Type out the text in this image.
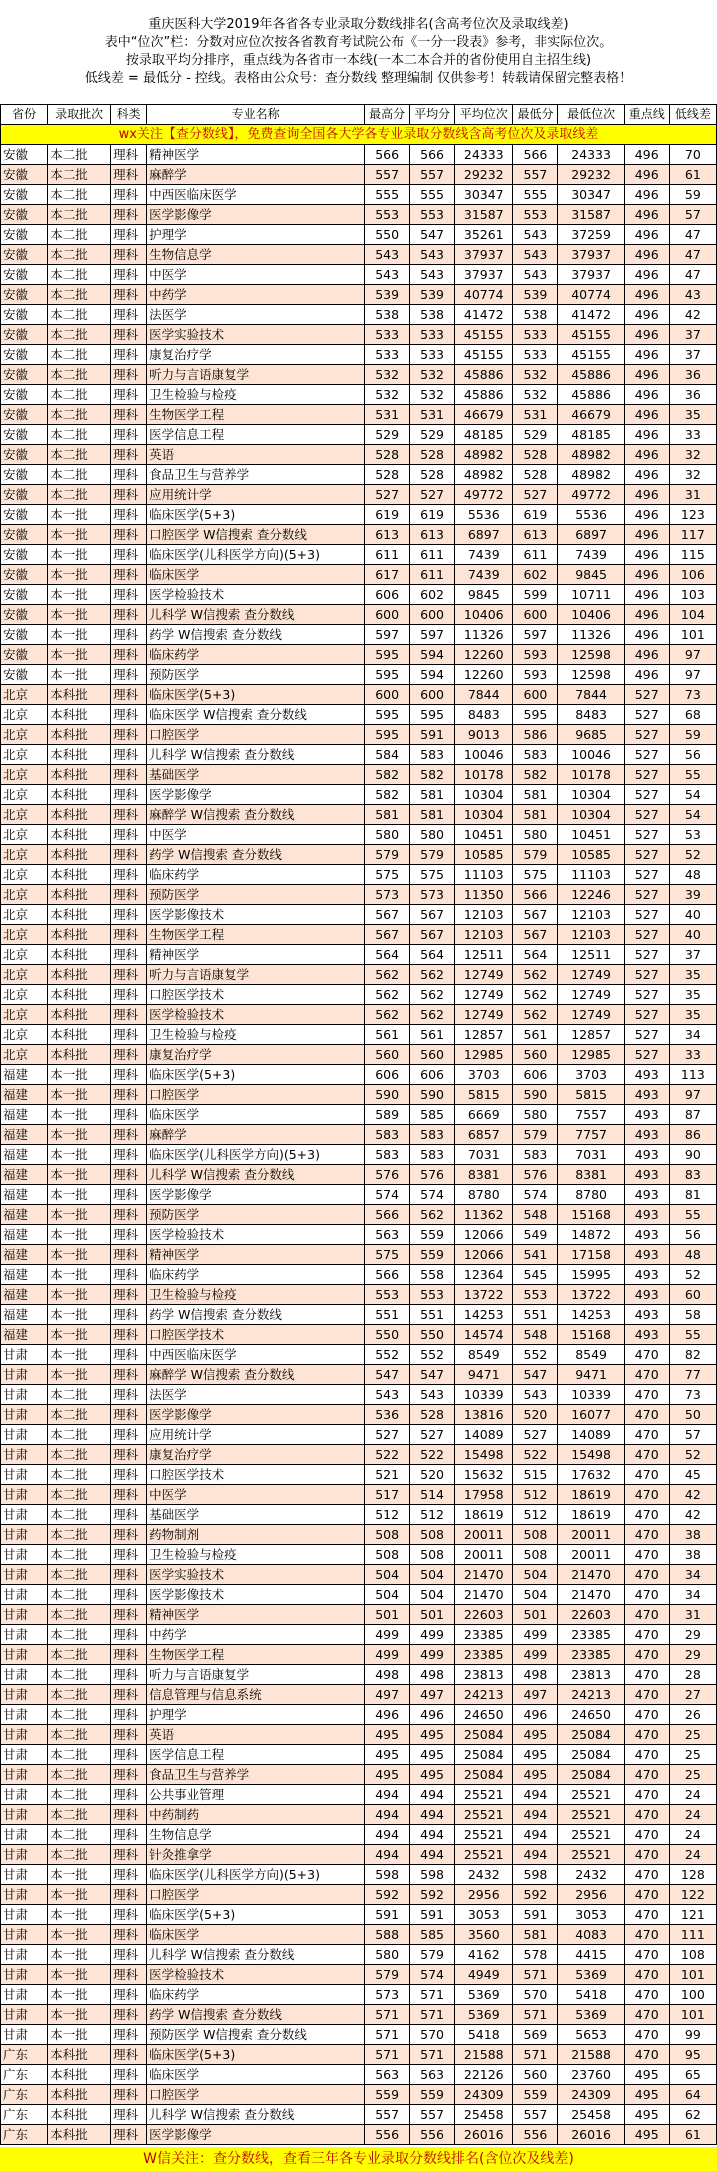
重庆医科大学2019年各省各专业录取分数线排名(含高考位次及录取线差)
表中“位次”栏：分数对应位次按各省教育考试院公布《一分一段表》参考，非实际位次。
按录取平均分排序，重点线为各省市一本线(一本二本合并的省份使用自主招生线)
低线差 = 最低分 - 控线。表格由公众号：查分数线 整理编制 仅供参考！转载请保留完整表格！
省份	录取批次	科类	专业名称	最高分	平均分	平均位次	最低分	最低位次	重点线	低线差
wx关注【查分数线】，免费查询全国各大学各专业录取分数线含高考位次及录取线差										
安徽	本二批	理科	精神医学	566	566	24333	566	24333	496	70
安徽	本二批	理科	麻醉学	557	557	29232	557	29232	496	61
安徽	本二批	理科	中西医临床医学	555	555	30347	555	30347	496	59
安徽	本二批	理科	医学影像学	553	553	31587	553	31587	496	57
安徽	本二批	理科	护理学	550	547	35261	543	37259	496	47
安徽	本二批	理科	生物信息学	543	543	37937	543	37937	496	47
安徽	本二批	理科	中医学	543	543	37937	543	37937	496	47
安徽	本二批	理科	中药学	539	539	40774	539	40774	496	43
安徽	本二批	理科	法医学	538	538	41472	538	41472	496	42
安徽	本二批	理科	医学实验技术	533	533	45155	533	45155	496	37
安徽	本二批	理科	康复治疗学	533	533	45155	533	45155	496	37
安徽	本二批	理科	听力与言语康复学	532	532	45886	532	45886	496	36
安徽	本二批	理科	卫生检验与检疫	532	532	45886	532	45886	496	36
安徽	本二批	理科	生物医学工程	531	531	46679	531	46679	496	35
安徽	本二批	理科	医学信息工程	529	529	48185	529	48185	496	33
安徽	本二批	理科	英语	528	528	48982	528	48982	496	32
安徽	本二批	理科	食品卫生与营养学	528	528	48982	528	48982	496	32
安徽	本二批	理科	应用统计学	527	527	49772	527	49772	496	31
安徽	本一批	理科	临床医学(5+3)	619	619	5536	619	5536	496	123
安徽	本一批	理科	口腔医学 W信搜索 查分数线	613	613	6897	613	6897	496	117
安徽	本一批	理科	临床医学(儿科医学方向)(5+3)	611	611	7439	611	7439	496	115
安徽	本一批	理科	临床医学	617	611	7439	602	9845	496	106
安徽	本一批	理科	医学检验技术	606	602	9845	599	10711	496	103
安徽	本一批	理科	儿科学 W信搜索 查分数线	600	600	10406	600	10406	496	104
安徽	本一批	理科	药学 W信搜索 查分数线	597	597	11326	597	11326	496	101
安徽	本一批	理科	临床药学	595	594	12260	593	12598	496	97
安徽	本一批	理科	预防医学	595	594	12260	593	12598	496	97
北京	本科批	理科	临床医学(5+3)	600	600	7844	600	7844	527	73
北京	本科批	理科	临床医学 W信搜索 查分数线	595	595	8483	595	8483	527	68
北京	本科批	理科	口腔医学	595	591	9013	586	9685	527	59
北京	本科批	理科	儿科学 W信搜索 查分数线	584	583	10046	583	10046	527	56
北京	本科批	理科	基础医学	582	582	10178	582	10178	527	55
北京	本科批	理科	医学影像学	582	581	10304	581	10304	527	54
北京	本科批	理科	麻醉学 W信搜索 查分数线	581	581	10304	581	10304	527	54
北京	本科批	理科	中医学	580	580	10451	580	10451	527	53
北京	本科批	理科	药学 W信搜索 查分数线	579	579	10585	579	10585	527	52
北京	本科批	理科	临床药学	575	575	11103	575	11103	527	48
北京	本科批	理科	预防医学	573	573	11350	566	12246	527	39
北京	本科批	理科	医学影像技术	567	567	12103	567	12103	527	40
北京	本科批	理科	生物医学工程	567	567	12103	567	12103	527	40
北京	本科批	理科	精神医学	564	564	12511	564	12511	527	37
北京	本科批	理科	听力与言语康复学	562	562	12749	562	12749	527	35
北京	本科批	理科	口腔医学技术	562	562	12749	562	12749	527	35
北京	本科批	理科	医学检验技术	562	562	12749	562	12749	527	35
北京	本科批	理科	卫生检验与检疫	561	561	12857	561	12857	527	34
北京	本科批	理科	康复治疗学	560	560	12985	560	12985	527	33
福建	本一批	理科	临床医学(5+3)	606	606	3703	606	3703	493	113
福建	本一批	理科	口腔医学	590	590	5815	590	5815	493	97
福建	本一批	理科	临床医学	589	585	6669	580	7557	493	87
福建	本一批	理科	麻醉学	583	583	6857	579	7757	493	86
福建	本一批	理科	临床医学(儿科医学方向)(5+3)	583	583	7031	583	7031	493	90
福建	本一批	理科	儿科学 W信搜索 查分数线	576	576	8381	576	8381	493	83
福建	本一批	理科	医学影像学	574	574	8780	574	8780	493	81
福建	本一批	理科	预防医学	566	562	11362	548	15168	493	55
福建	本一批	理科	医学检验技术	563	559	12066	549	14872	493	56
福建	本一批	理科	精神医学	575	559	12066	541	17158	493	48
福建	本一批	理科	临床药学	566	558	12364	545	15995	493	52
福建	本一批	理科	卫生检验与检疫	553	553	13722	553	13722	493	60
福建	本一批	理科	药学 W信搜索 查分数线	551	551	14253	551	14253	493	58
福建	本一批	理科	口腔医学技术	550	550	14574	548	15168	493	55
甘肃	本一批	理科	中西医临床医学	552	552	8549	552	8549	470	82
甘肃	本一批	理科	麻醉学 W信搜索 查分数线	547	547	9471	547	9471	470	77
甘肃	本二批	理科	法医学	543	543	10339	543	10339	470	73
甘肃	本二批	理科	医学影像学	536	528	13816	520	16077	470	50
甘肃	本二批	理科	应用统计学	527	527	14089	527	14089	470	57
甘肃	本二批	理科	康复治疗学	522	522	15498	522	15498	470	52
甘肃	本二批	理科	口腔医学技术	521	520	15632	515	17632	470	45
甘肃	本二批	理科	中医学	517	514	17958	512	18619	470	42
甘肃	本二批	理科	基础医学	512	512	18619	512	18619	470	42
甘肃	本二批	理科	药物制剂	508	508	20011	508	20011	470	38
甘肃	本二批	理科	卫生检验与检疫	508	508	20011	508	20011	470	38
甘肃	本二批	理科	医学实验技术	504	504	21470	504	21470	470	34
甘肃	本二批	理科	医学影像技术	504	504	21470	504	21470	470	34
甘肃	本二批	理科	精神医学	501	501	22603	501	22603	470	31
甘肃	本二批	理科	中药学	499	499	23385	499	23385	470	29
甘肃	本二批	理科	生物医学工程	499	499	23385	499	23385	470	29
甘肃	本二批	理科	听力与言语康复学	498	498	23813	498	23813	470	28
甘肃	本二批	理科	信息管理与信息系统	497	497	24213	497	24213	470	27
甘肃	本二批	理科	护理学	496	496	24650	496	24650	470	26
甘肃	本二批	理科	英语	495	495	25084	495	25084	470	25
甘肃	本二批	理科	医学信息工程	495	495	25084	495	25084	470	25
甘肃	本二批	理科	食品卫生与营养学	495	495	25084	495	25084	470	25
甘肃	本二批	理科	公共事业管理	494	494	25521	494	25521	470	24
甘肃	本二批	理科	中药制药	494	494	25521	494	25521	470	24
甘肃	本二批	理科	生物信息学	494	494	25521	494	25521	470	24
甘肃	本二批	理科	针灸推拿学	494	494	25521	494	25521	470	24
甘肃	本一批	理科	临床医学(儿科医学方向)(5+3)	598	598	2432	598	2432	470	128
甘肃	本一批	理科	口腔医学	592	592	2956	592	2956	470	122
甘肃	本一批	理科	临床医学(5+3)	591	591	3053	591	3053	470	121
甘肃	本一批	理科	临床医学	588	585	3560	581	4083	470	111
甘肃	本一批	理科	儿科学 W信搜索 查分数线	580	579	4162	578	4415	470	108
甘肃	本一批	理科	医学检验技术	579	574	4949	571	5369	470	101
甘肃	本一批	理科	临床药学	573	571	5369	570	5418	470	100
甘肃	本一批	理科	药学 W信搜索 查分数线	571	571	5369	571	5369	470	101
甘肃	本一批	理科	预防医学 W信搜索 查分数线	571	570	5418	569	5653	470	99
广东	本科批	理科	临床医学(5+3)	571	571	21588	571	21588	470	95
广东	本科批	理科	临床医学	563	563	22126	560	23760	495	65
广东	本科批	理科	口腔医学	559	559	24309	559	24309	495	64
广东	本科批	理科	儿科学 W信搜索 查分数线	557	557	25458	557	25458	495	62
广东	本科批	理科	医学影像学	556	556	26016	556	26016	495	61
W信关注：查分数线，查看三年各专业录取分数线排名(含位次及线差)
